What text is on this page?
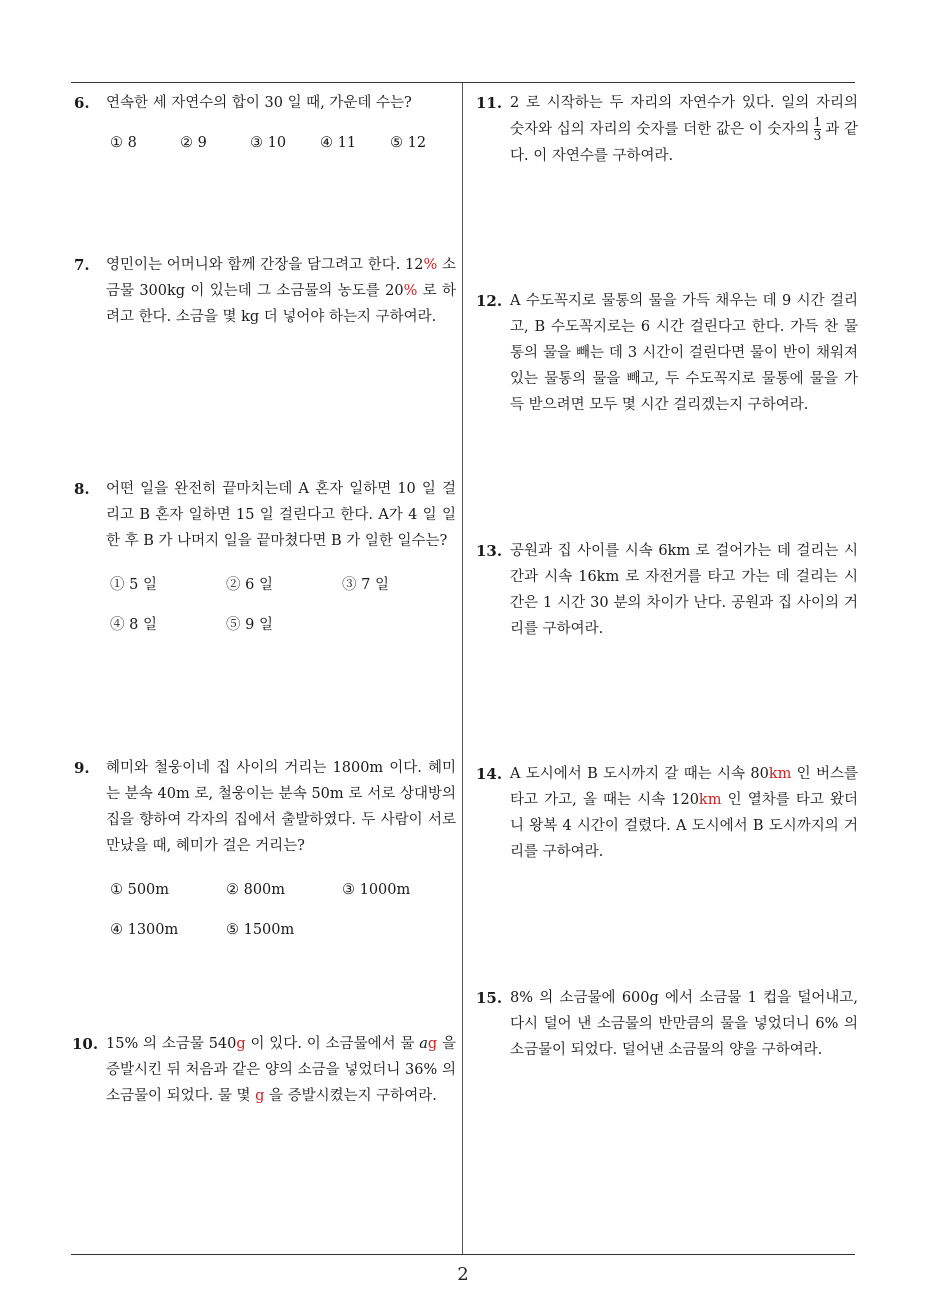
6. 연속한 세 자연수의 합이 30 일 때, 가운데 수는?
① 8	② 9	③ 10 ④ 11 ⑤ 12
7. 영민이는 어머니와 함께 간장을 담그려고 한다. 12% 소금물 300kg 이 있는데 그 소금물의 농도를 20% 로 하려고 한다. 소금을 몇 kg 더 넣어야 하는지 구하여라.
8. 어떤 일을 완전히 끝마치는데 A 혼자 일하면 10 일 걸리고 B 혼자 일하면 15 일 걸린다고 한다. A가 4 일 일한 후 B 가 나머지 일을 끝마쳤다면 B 가 일한 일수는?
① 5 일	② 6 일	③ 7 일
④ 8 일	⑤ 9 일
9. 혜미와 철웅이네 집 사이의 거리는 1800m 이다. 혜미는 분속 40m 로, 철웅이는 분속 50m 로 서로 상대방의 집을 향하여 각자의 집에서 출발하였다. 두 사람이 서로 만났을 때, 혜미가 걸은 거리는?
① 500m	② 800m	③ 1000m
④ 1300m	⑤ 1500m
10. 15% 의 소금물 540g 이 있다. 이 소금물에서 물 ag 을 증발시킨 뒤 처음과 같은 양의 소금을 넣었더니 36% 의 소금물이 되었다. 물 몇 g 을 증발시켰는지 구하여라.
11. 2 로 시작하는 두 자리의 자연수가 있다. 일의 자리의 숫자와 십의 자리의 숫자를 더한 값은 이 숫자의 $\frac{1}{3}$ 과 같다. 이 자연수를 구하여라.
12. A 수도꼭지로 물통의 물을 가득 채우는 데 9 시간 걸리고, B 수도꼭지로는 6 시간 걸린다고 한다. 가득 찬 물통의 물을 빼는 데 3 시간이 걸린다면 물이 반이 채워져 있는 물통의 물을 빼고, 두 수도꼭지로 물통에 물을 가득 받으려면 모두 몇 시간 걸리겠는지 구하여라.
13. 공원과 집 사이를 시속 6km 로 걸어가는 데 걸리는 시간과 시속 16km 로 자전거를 타고 가는 데 걸리는 시간은 1 시간 30 분의 차이가 난다. 공원과 집 사이의 거리를 구하여라.
14. A 도시에서 B 도시까지 갈 때는 시속 80km 인 버스를 타고 가고, 올 때는 시속 120km 인 열차를 타고 왔더니 왕복 4 시간이 걸렸다. A 도시에서 B 도시까지의 거리를 구하여라.
15. 8% 의 소금물에 600g 에서 소금물 1 컵을 덜어내고, 다시 덜어 낸 소금물의 반만큼의 물을 넣었더니 6% 의 소금물이 되었다. 덜어낸 소금물의 양을 구하여라.
2
